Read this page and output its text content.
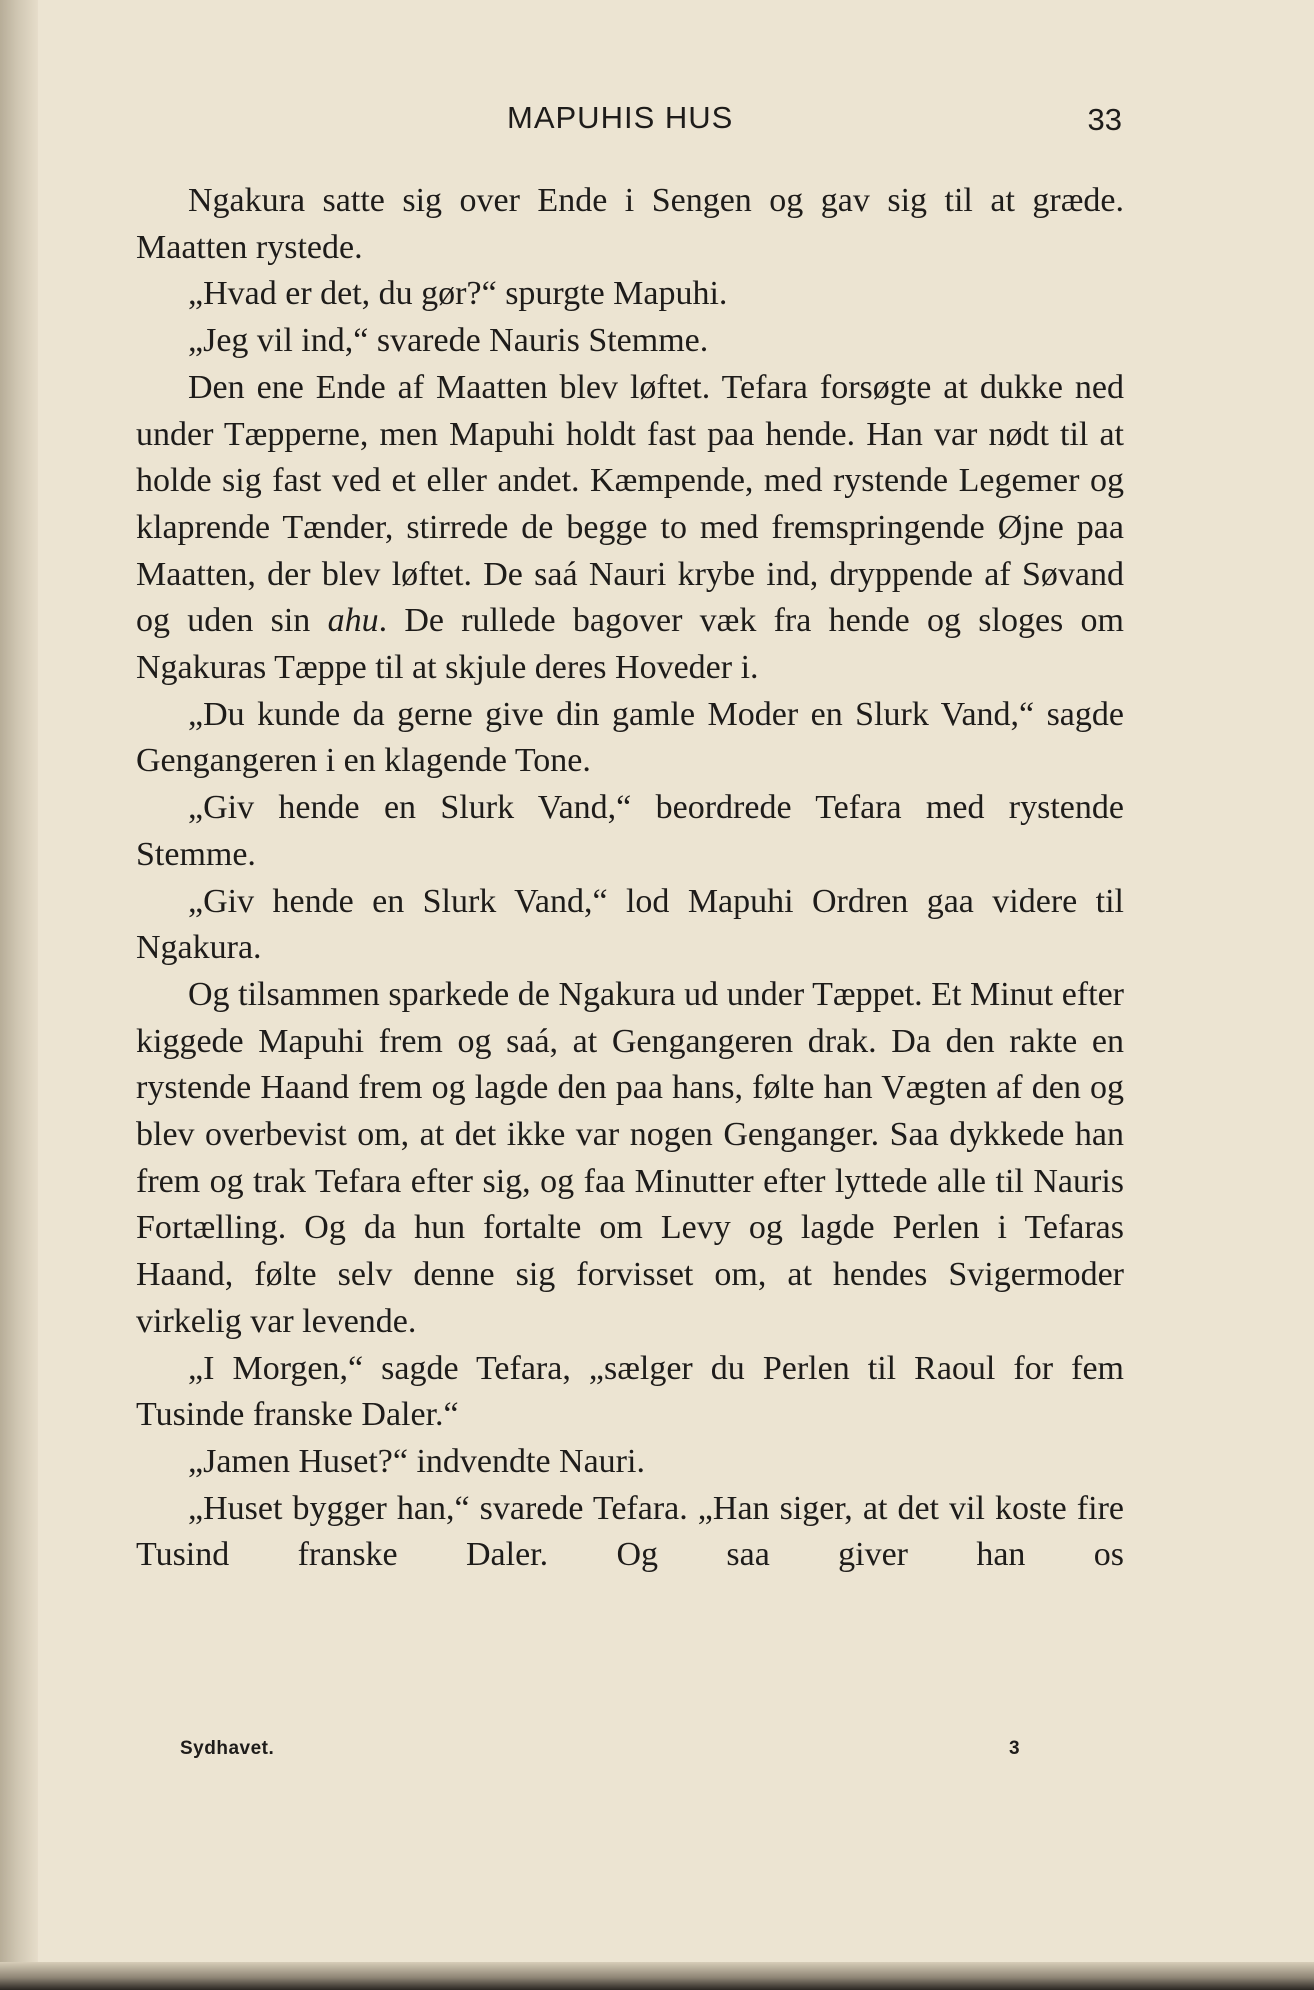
MAPUHIS HUS	33

Ngakura satte sig over Ende i Sengen og gav sig til at græde. Maatten rystede.

„Hvad er det, du gør?“ spurgte Mapuhi.

„Jeg vil ind,“ svarede Nauris Stemme.

Den ene Ende af Maatten blev løftet. Tefara forsøgte at dukke ned under Tæpperne, men Mapuhi holdt fast paa hende. Han var nødt til at holde sig fast ved et eller andet. Kæmpende, med rystende Legemer og klaprende Tænder, stirrede de begge to med fremspringende Øjne paa Maatten, der blev løftet. De saá Nauri krybe ind, dryppende af Søvand og uden sin ahu. De rullede bagover væk fra hende og sloges om Ngakuras Tæppe til at skjule deres Hoveder i.

„Du kunde da gerne give din gamle Moder en Slurk Vand,“ sagde Gengangeren i en klagende Tone.

„Giv hende en Slurk Vand,“ beordrede Tefara med rystende Stemme.

„Giv hende en Slurk Vand,“ lod Mapuhi Ordren gaa videre til Ngakura.

Og tilsammen sparkede de Ngakura ud under Tæppet. Et Minut efter kiggede Mapuhi frem og saá, at Gengangeren drak. Da den rakte en rystende Haand frem og lagde den paa hans, følte han Vægten af den og blev overbevist om, at det ikke var nogen Genganger. Saa dykkede han frem og trak Tefara efter sig, og faa Minutter efter lyttede alle til Nauris Fortælling. Og da hun fortalte om Levy og lagde Perlen i Tefaras Haand, følte selv denne sig forvisset om, at hendes Svigermoder virkelig var levende.

„I Morgen,“ sagde Tefara, „sælger du Perlen til Raoul for fem Tusinde franske Daler.“

„Jamen Huset?“ indvendte Nauri.

„Huset bygger han,“ svarede Tefara. „Han siger, at det vil koste fire Tusind franske Daler. Og saa giver han os

Sydhavet.	3
